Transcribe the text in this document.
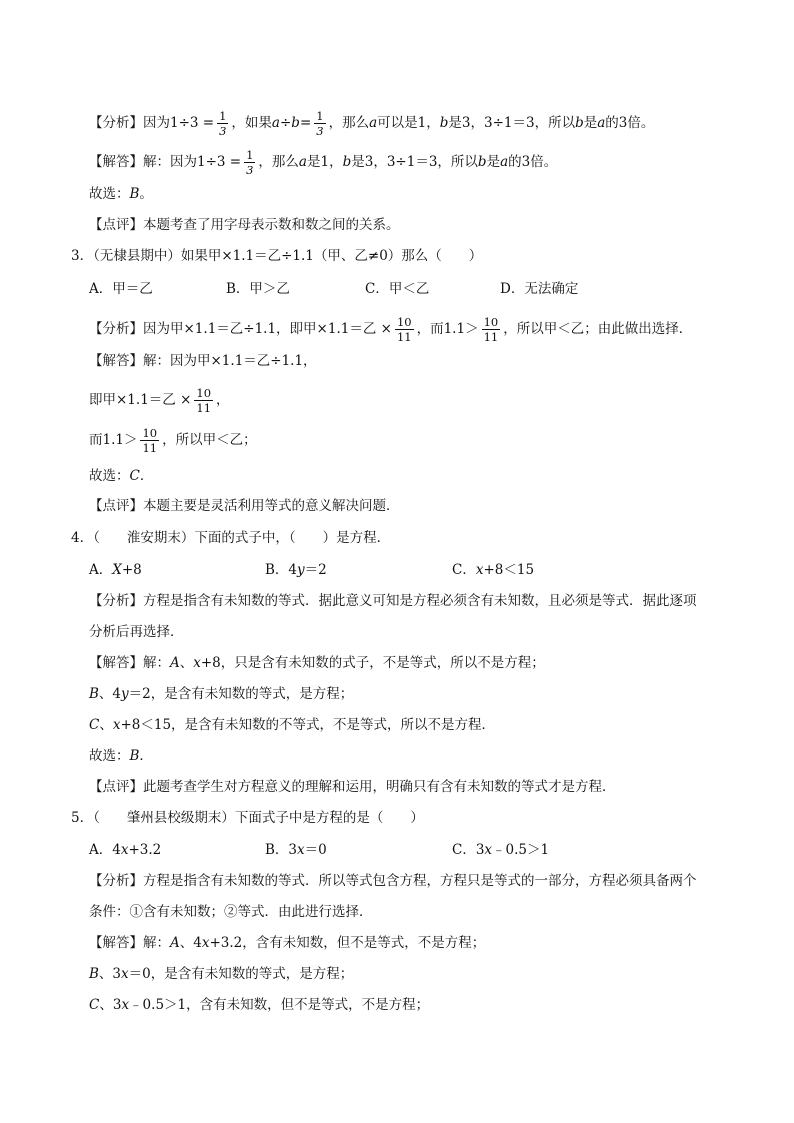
【分析】因为$1\div 3 = \frac{1}{3}$ ，如果 $a \div b = \frac{1}{3}$ ，那么 a 可以是1， b 是3，3÷1＝3，所以 b 是 a 的3倍。
【解答】解：因为$1\div 3 = \frac{1}{3}$ ，那么 a 是1， b 是3，3÷1＝3，所以 b 是 a 的3倍。
故选： B 。
【点评】本题考查了用字母表示数和数之间的关系。
3．（无棣县期中）如果甲×1.1＝乙÷1.1（甲、乙≠0）那么（　　）
A．甲＝乙	B．甲＞乙	C．甲＜乙	D．无法确定
【分析】因为甲×1.1＝乙÷1.1，即甲×1.1＝乙 × $\frac{10}{11}$ ，而$1.1> \frac{10}{11}$ ，所以甲＜乙；由此做出选择．
【解答】解：因为甲×1.1＝乙÷1.1，
即甲×1.1＝乙 × $\frac{10}{11}$ ，
而$1.1> \frac{10}{11}$ ，所以甲＜乙；
故选： C ．
【点评】本题主要是灵活利用等式的意义解决问题．
4．（　　淮安期末）下面的式子中，（　　）是方程．
A．X+8	B．4y＝2	C．x+8＜15
【分析】方程是指含有未知数的等式．据此意义可知是方程必须含有未知数，且必须是等式．据此逐项
分析后再选择．
【解答】解： A 、 x +8，只是含有未知数的式子，不是等式，所以不是方程；
B 、4 y ＝2，是含有未知数的等式，是方程；
C 、 x +8＜15，是含有未知数的不等式，不是等式，所以不是方程．
故选： B ．
【点评】此题考查学生对方程意义的理解和运用，明确只有含有未知数的等式才是方程．
5．（　　肇州县校级期末）下面式子中是方程的是（　　）
A．4x+3.2	B．3x＝0	C．3x﹣0.5＞1
【分析】方程是指含有未知数的等式．所以等式包含方程，方程只是等式的一部分，方程必须具备两个
条件：①含有未知数；②等式．由此进行选择．
【解答】解： A 、4 x +3.2，含有未知数，但不是等式，不是方程；
B 、3 x ＝0，是含有未知数的等式，是方程；
C 、3 x ﹣0.5＞1，含有未知数，但不是等式，不是方程；
